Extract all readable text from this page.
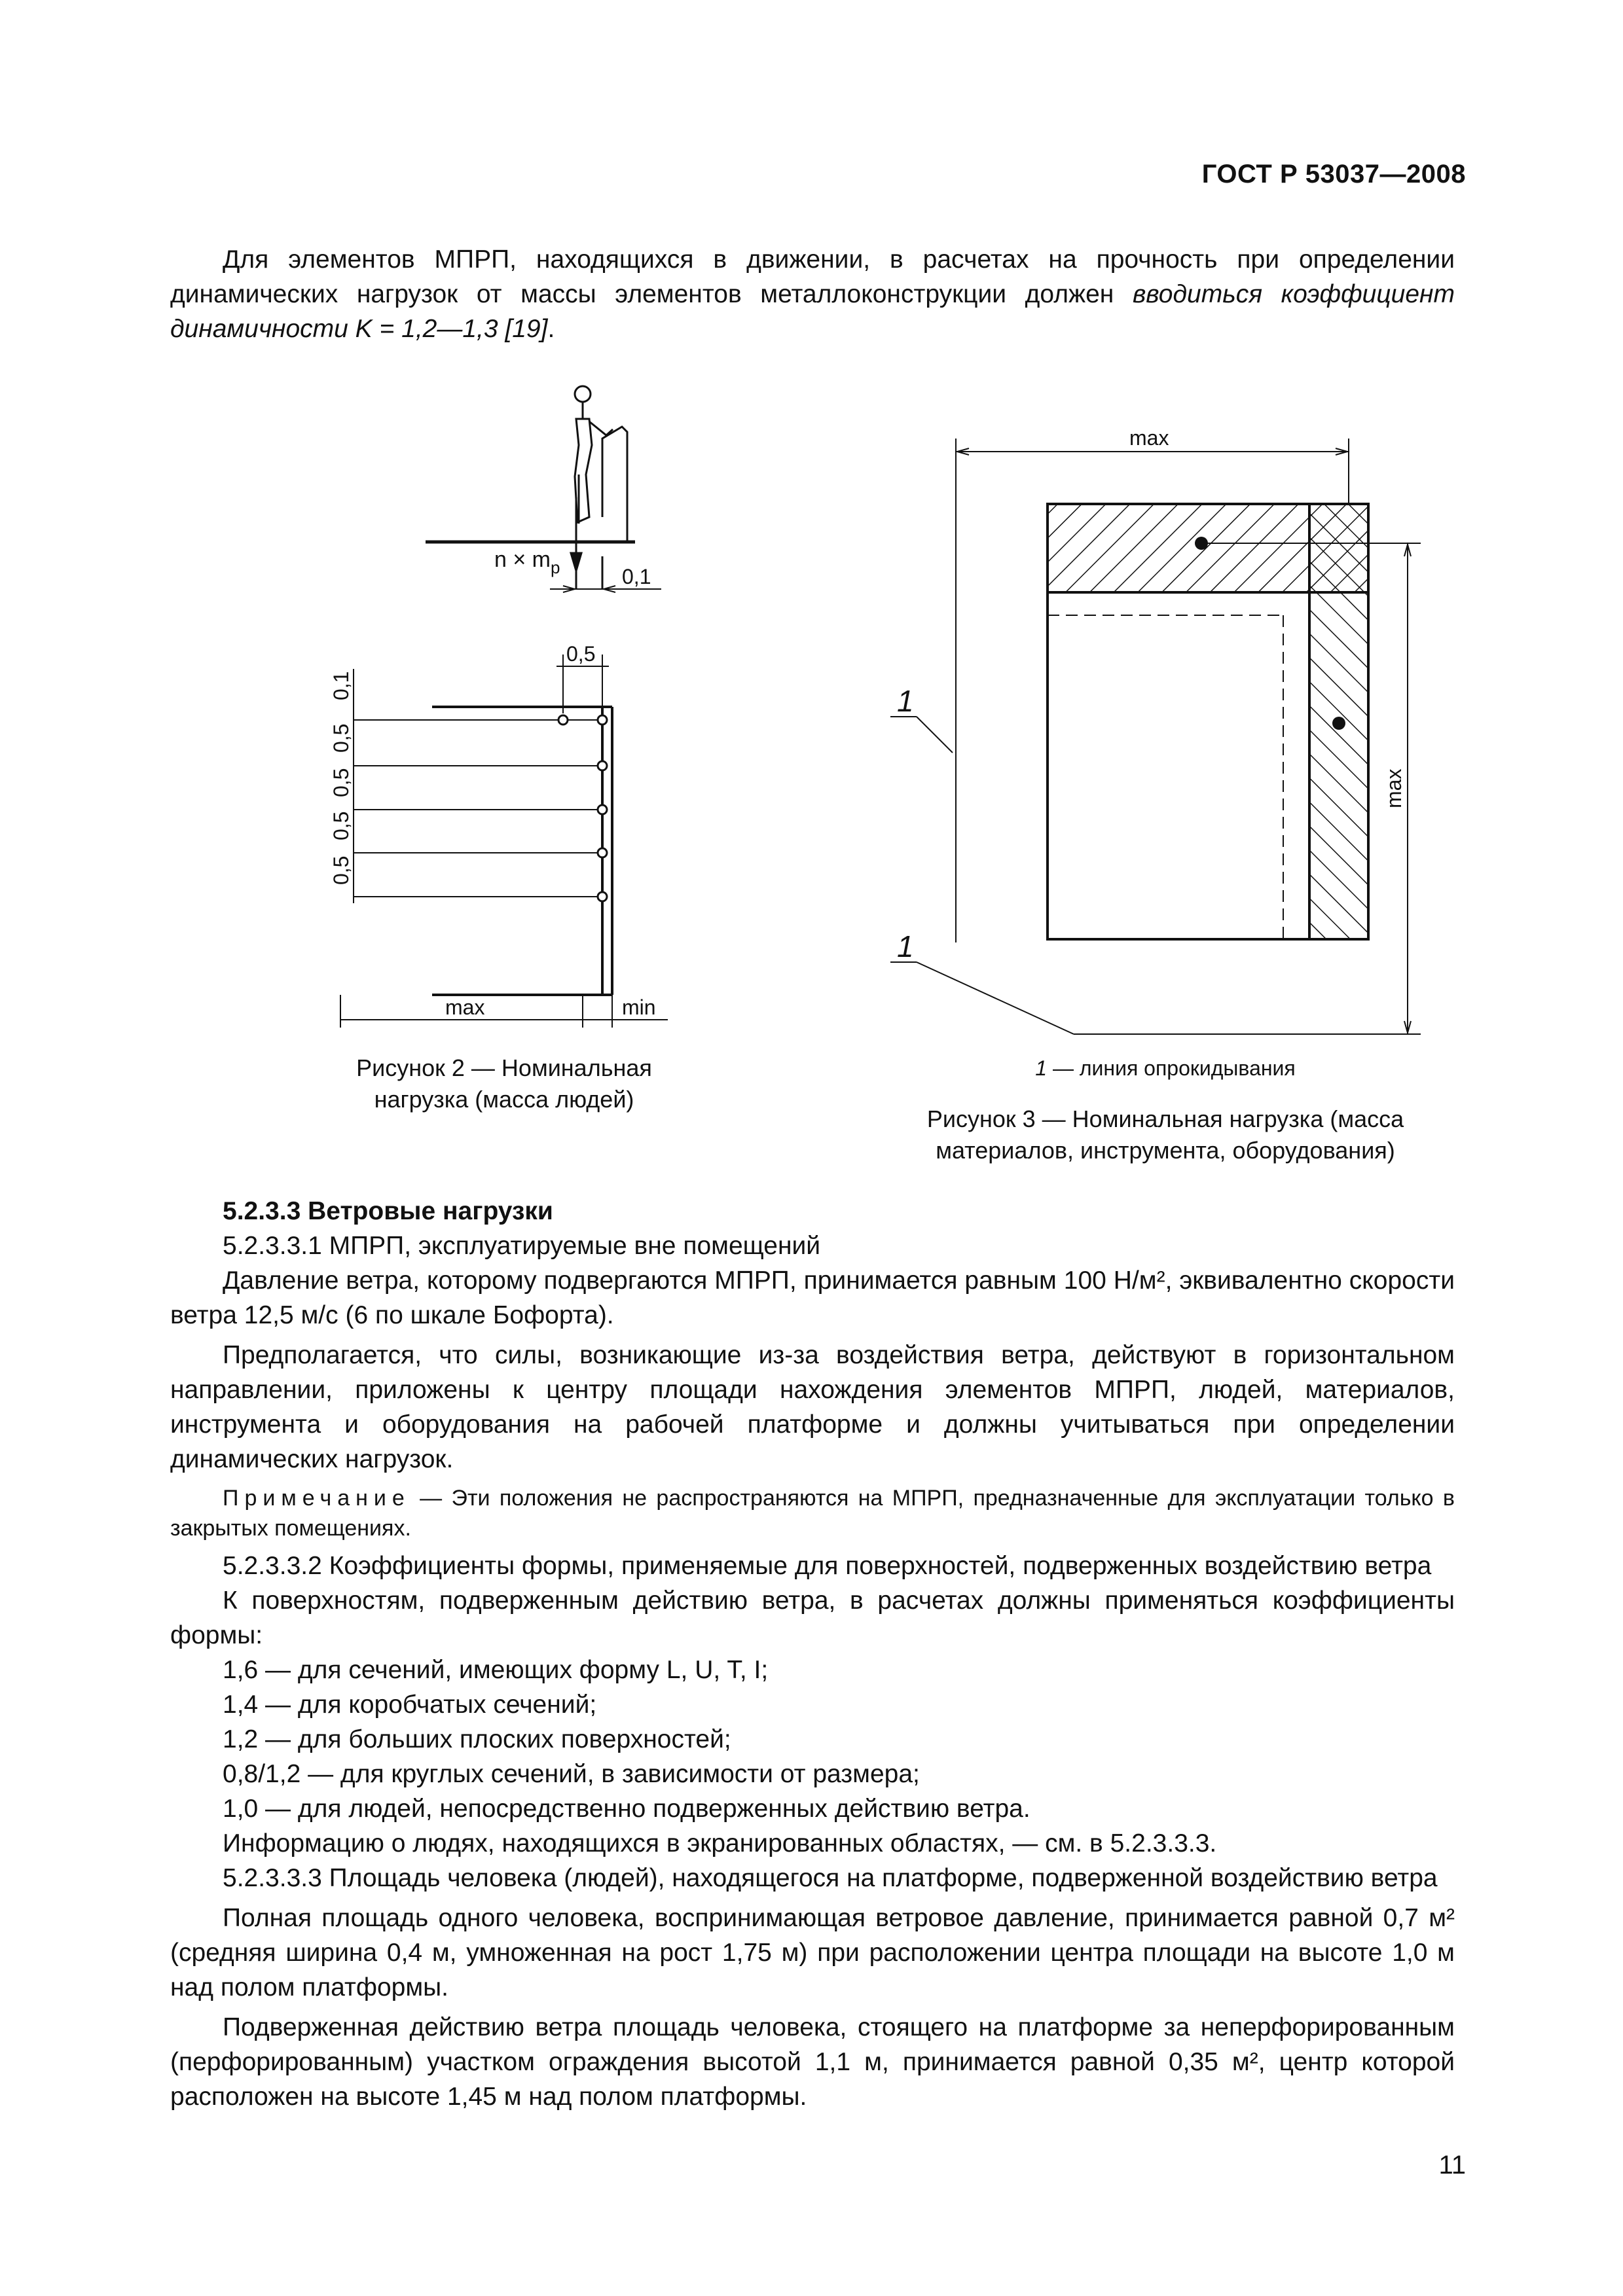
ГОСТ Р 53037—2008
Для элементов МПРП, находящихся в движении, в расчетах на прочность при определении динамических нагрузок от массы элементов металлоконструкции должен вводиться коэффициент динамичности K = 1,2—1,3 [19].
$n \times m_p$	0,1
0,5
0,1
0,5
0,5
0,5
0,5
max	min
Рисунок 2 — Номинальная
нагрузка (масса людей)
1
1
max
max
1 — линия опрокидывания
Рисунок 3 — Номинальная нагрузка (масса
материалов, инструмента, оборудования)
5.2.3.3 Ветровые нагрузки
5.2.3.3.1 МПРП, эксплуатируемые вне помещений
Давление ветра, которому подвергаются МПРП, принимается равным 100 Н/м², эквивалентно скорости ветра 12,5 м/с (6 по шкале Бофорта).
Предполагается, что силы, возникающие из-за воздействия ветра, действуют в горизонтальном направлении, приложены к центру площади нахождения элементов МПРП, людей, материалов, инструмента и оборудования на рабочей платформе и должны учитываться при определении динамических нагрузок.
Примечание — Эти положения не распространяются на МПРП, предназначенные для эксплуатации только в закрытых помещениях.
5.2.3.3.2 Коэффициенты формы, применяемые для поверхностей, подверженных воздействию ветра
К поверхностям, подверженным действию ветра, в расчетах должны применяться коэффициенты формы:
1,6 — для сечений, имеющих форму L, U, T, I;
1,4 — для коробчатых сечений;
1,2 — для больших плоских поверхностей;
0,8/1,2 — для круглых сечений, в зависимости от размера;
1,0 — для людей, непосредственно подверженных действию ветра.
Информацию о людях, находящихся в экранированных областях, — см. в 5.2.3.3.3.
5.2.3.3.3 Площадь человека (людей), находящегося на платформе, подверженной воздействию ветра
Полная площадь одного человека, воспринимающая ветровое давление, принимается равной 0,7 м² (средняя ширина 0,4 м, умноженная на рост 1,75 м) при расположении центра площади на высоте 1,0 м над полом платформы.
Подверженная действию ветра площадь человека, стоящего на платформе за неперфорированным (перфорированным) участком ограждения высотой 1,1 м, принимается равной 0,35 м², центр которой расположен на высоте 1,45 м над полом платформы.
11
